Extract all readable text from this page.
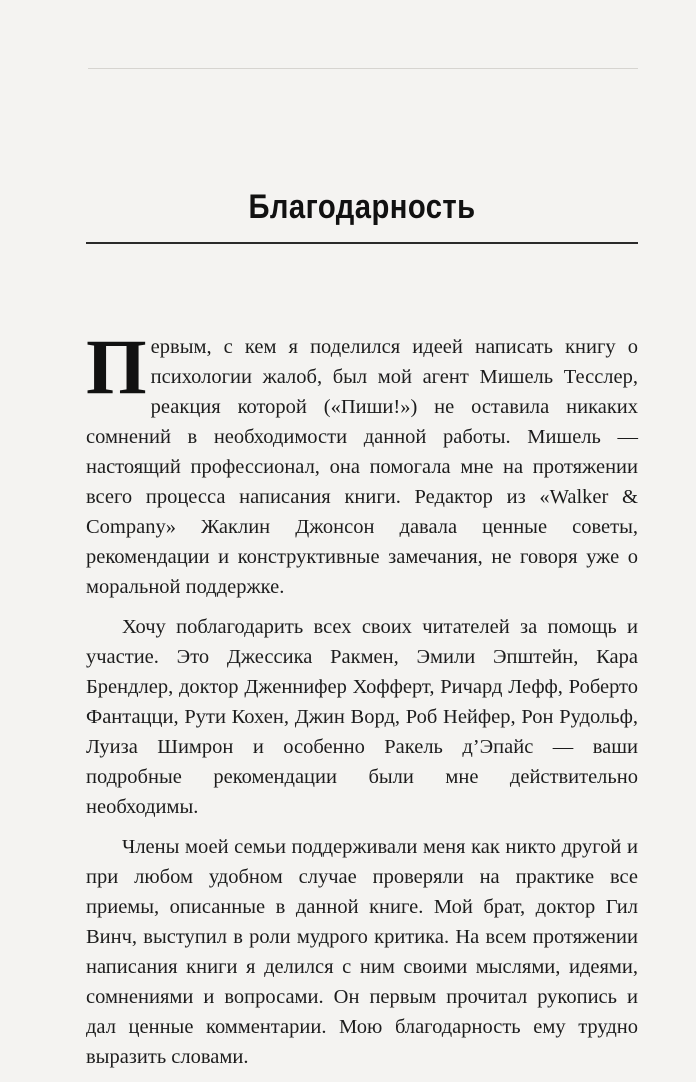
Благодарность

Первым, с кем я поделился идеей написать книгу о психологии жалоб, был мой агент Мишель Тесслер, реакция которой («Пиши!») не оставила никаких сомнений в необходимости данной работы. Мишель — настоящий профессионал, она помогала мне на протяжении всего процесса написания книги. Редактор из «Walker & Company» Жаклин Джонсон давала ценные советы, рекомендации и конструктивные замечания, не говоря уже о моральной поддержке.

Хочу поблагодарить всех своих читателей за помощь и участие. Это Джессика Ракмен, Эмили Эпштейн, Кара Брендлер, доктор Дженнифер Хофферт, Ричард Лефф, Роберто Фантацци, Рути Кохен, Джин Ворд, Роб Нейфер, Рон Рудольф, Луиза Шимрон и особенно Ракель д’Эпайс — ваши подробные рекомендации были мне действительно необходимы.

Члены моей семьи поддерживали меня как никто другой и при любом удобном случае проверяли на практике все приемы, описанные в данной книге. Мой брат, доктор Гил Винч, выступил в роли мудрого критика. На всем протяжении написания книги я делился с ним своими мыслями, идеями, сомнениями и вопросами. Он первым прочитал рукопись и дал ценные комментарии. Мою благодарность ему трудно выразить словами.
